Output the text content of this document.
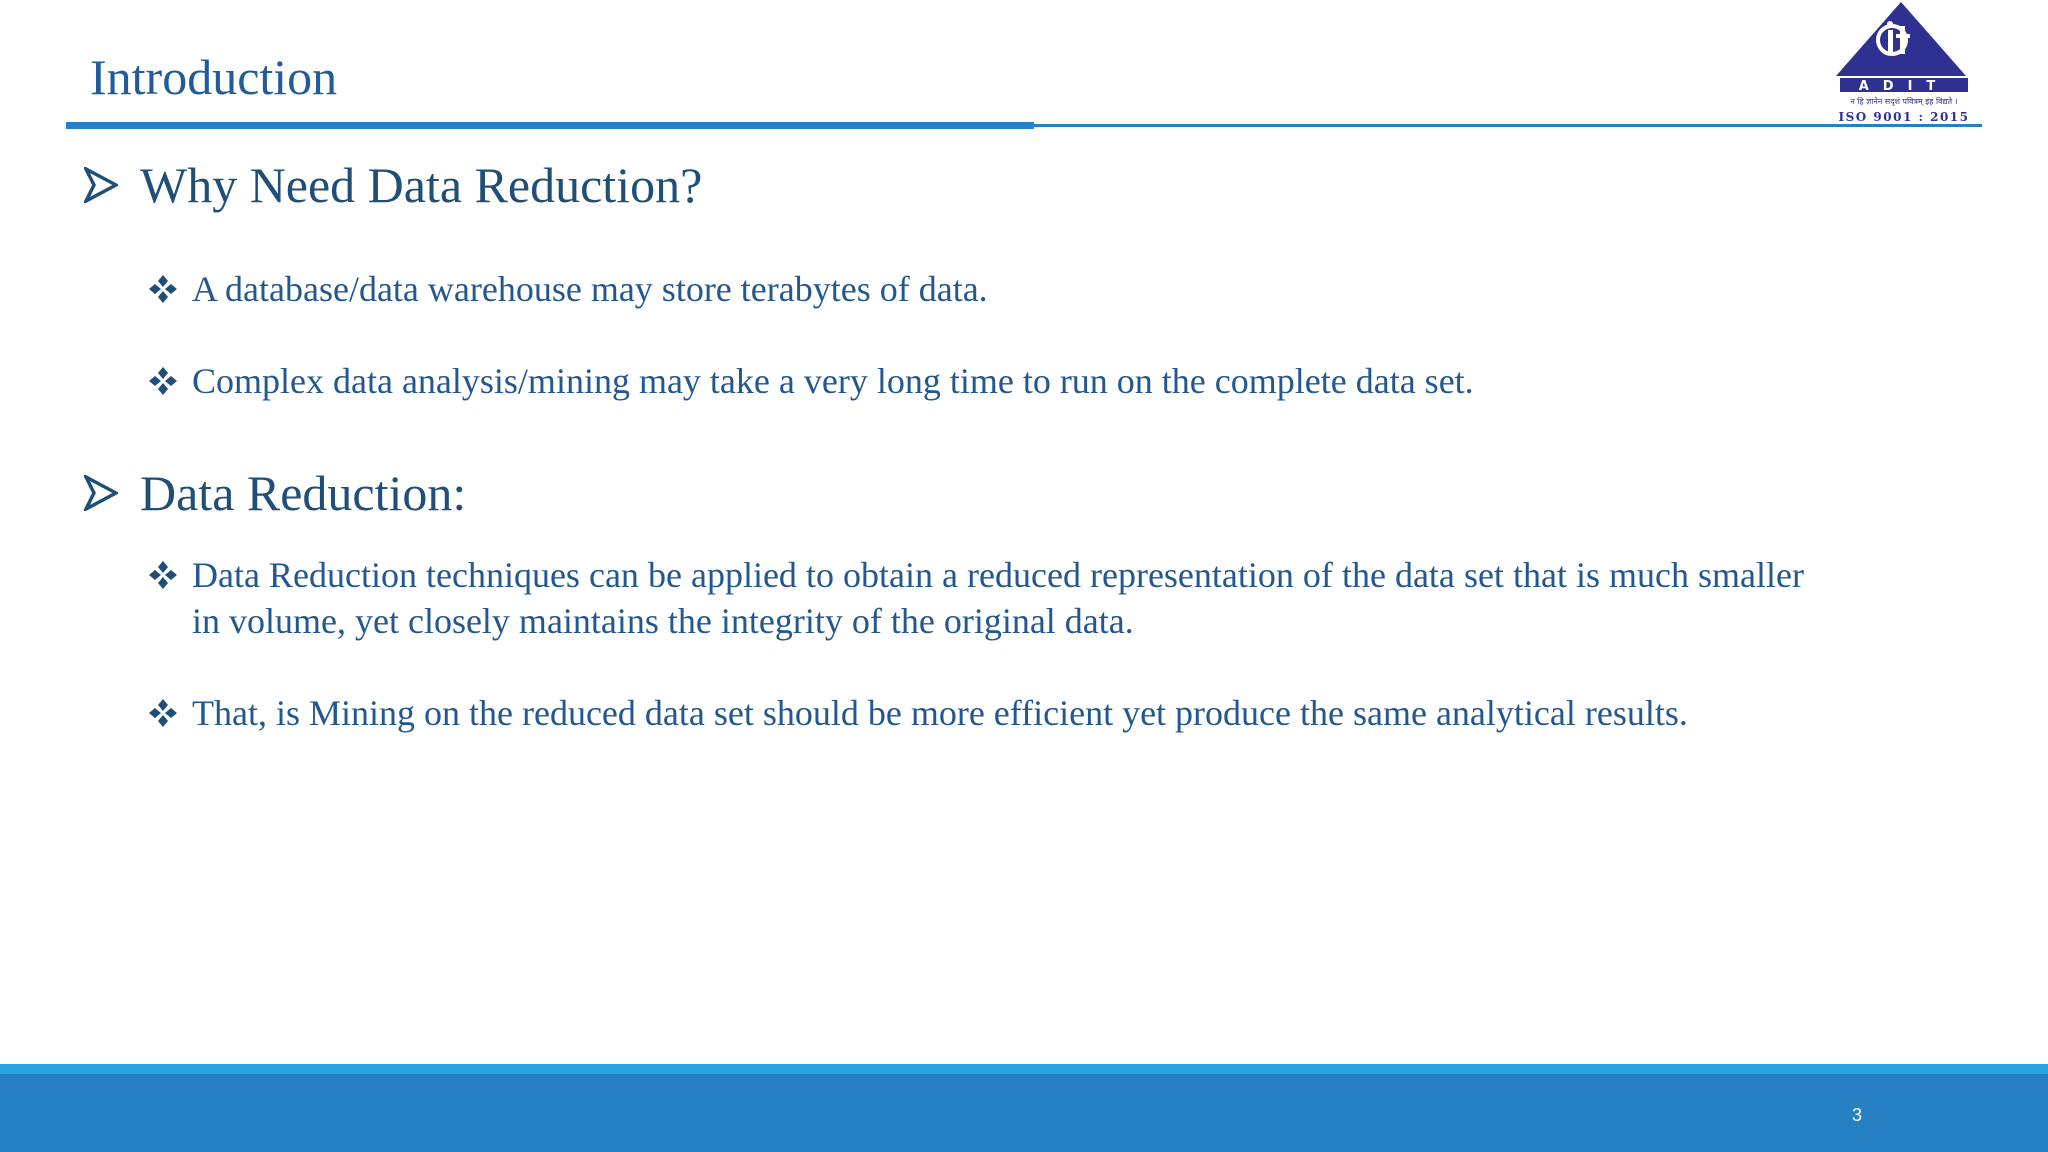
Introduction	ADIT
न हि ज्ञानेन सदृशं पवित्रम् इह विद्यते ।
ISO 9001 : 2015
Why Need Data Reduction?
A database/data warehouse may store terabytes of data.
Complex data analysis/mining may take a very long time to run on the complete data set.
Data Reduction:
Data Reduction techniques can be applied to obtain a reduced representation of the data set that is much smaller in volume, yet closely maintains the integrity of the original data.
That, is Mining on the reduced data set should be more efficient yet produce the same analytical results.
3
